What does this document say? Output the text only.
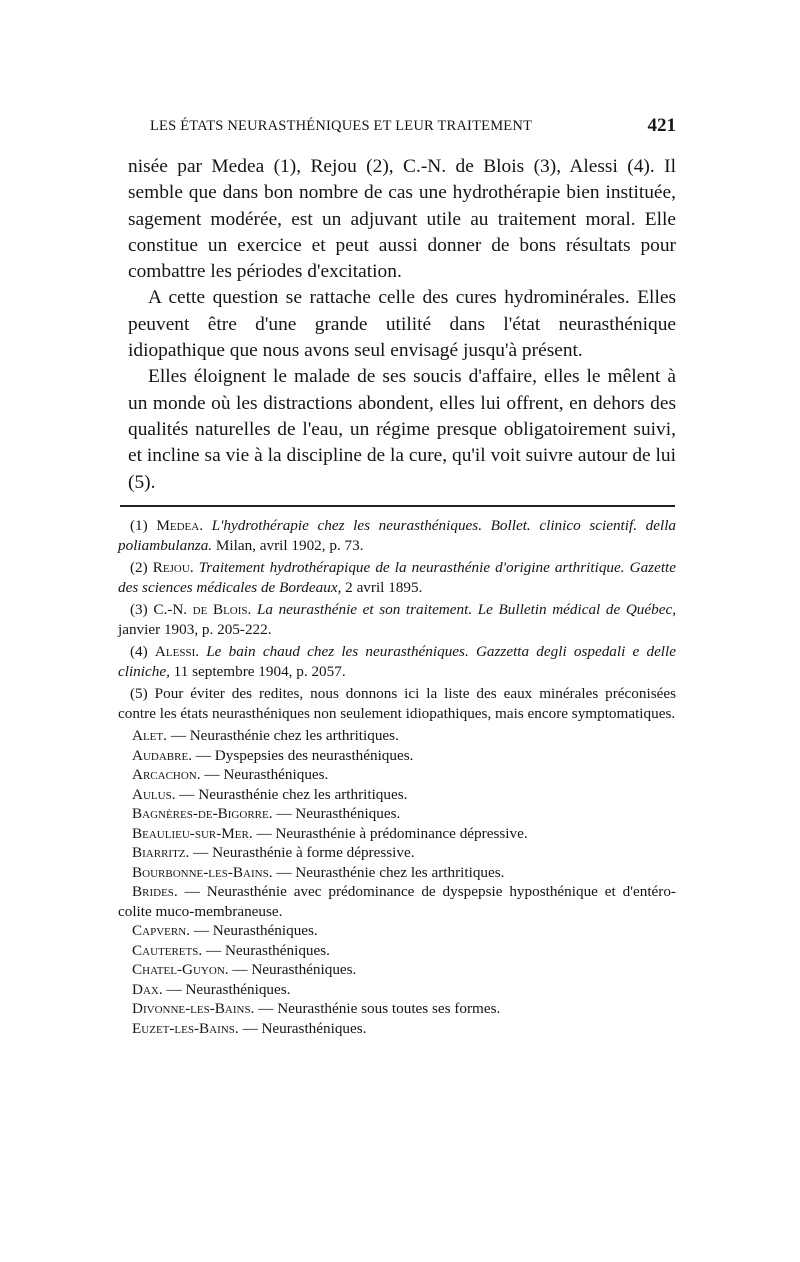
LES ÉTATS NEURASTHÉNIQUES ET LEUR TRAITEMENT	421

nisée par Medea (1), Rejou (2), C.-N. de Blois (3), Alessi (4). Il semble que dans bon nombre de cas une hydrothérapie bien instituée, sagement modérée, est un adjuvant utile au traitement moral. Elle constitue un exercice et peut aussi donner de bons résultats pour combattre les périodes d'excitation.

A cette question se rattache celle des cures hydrominérales. Elles peuvent être d'une grande utilité dans l'état neurasthénique idiopathique que nous avons seul envisagé jusqu'à présent.

Elles éloignent le malade de ses soucis d'affaire, elles le mêlent à un monde où les distractions abondent, elles lui offrent, en dehors des qualités naturelles de l'eau, un régime presque obligatoirement suivi, et incline sa vie à la discipline de la cure, qu'il voit suivre autour de lui (5).

(1) Medea. L'hydrothérapie chez les neurasthéniques. Bollet. clinico scientif. della poliambulanza. Milan, avril 1902, p. 73.

(2) Rejou. Traitement hydrothérapique de la neurasthénie d'origine arthritique. Gazette des sciences médicales de Bordeaux, 2 avril 1895.

(3) C.-N. de Blois. La neurasthénie et son traitement. Le Bulletin médical de Québec, janvier 1903, p. 205-222.

(4) Alessi. Le bain chaud chez les neurasthéniques. Gazzetta degli ospedali e delle cliniche, 11 septembre 1904, p. 2057.

(5) Pour éviter des redites, nous donnons ici la liste des eaux minérales préconisées contre les états neurasthéniques non seulement idiopathiques, mais encore symptomatiques.

Alet. — Neurasthénie chez les arthritiques.
Audabre. — Dyspepsies des neurasthéniques.
Arcachon. — Neurasthéniques.
Aulus. — Neurasthénie chez les arthritiques.
Bagnères-de-Bigorre. — Neurasthéniques.
Beaulieu-sur-Mer. — Neurasthénie à prédominance dépressive.
Biarritz. — Neurasthénie à forme dépressive.
Bourbonne-les-Bains. — Neurasthénie chez les arthritiques.
Brides. — Neurasthénie avec prédominance de dyspepsie hyposthénique et d'entéro-colite muco-membraneuse.
Capvern. — Neurasthéniques.
Cauterets. — Neurasthéniques.
Chatel-Guyon. — Neurasthéniques.
Dax. — Neurasthéniques.
Divonne-les-Bains. — Neurasthénie sous toutes ses formes.
Euzet-les-Bains. — Neurasthéniques.
